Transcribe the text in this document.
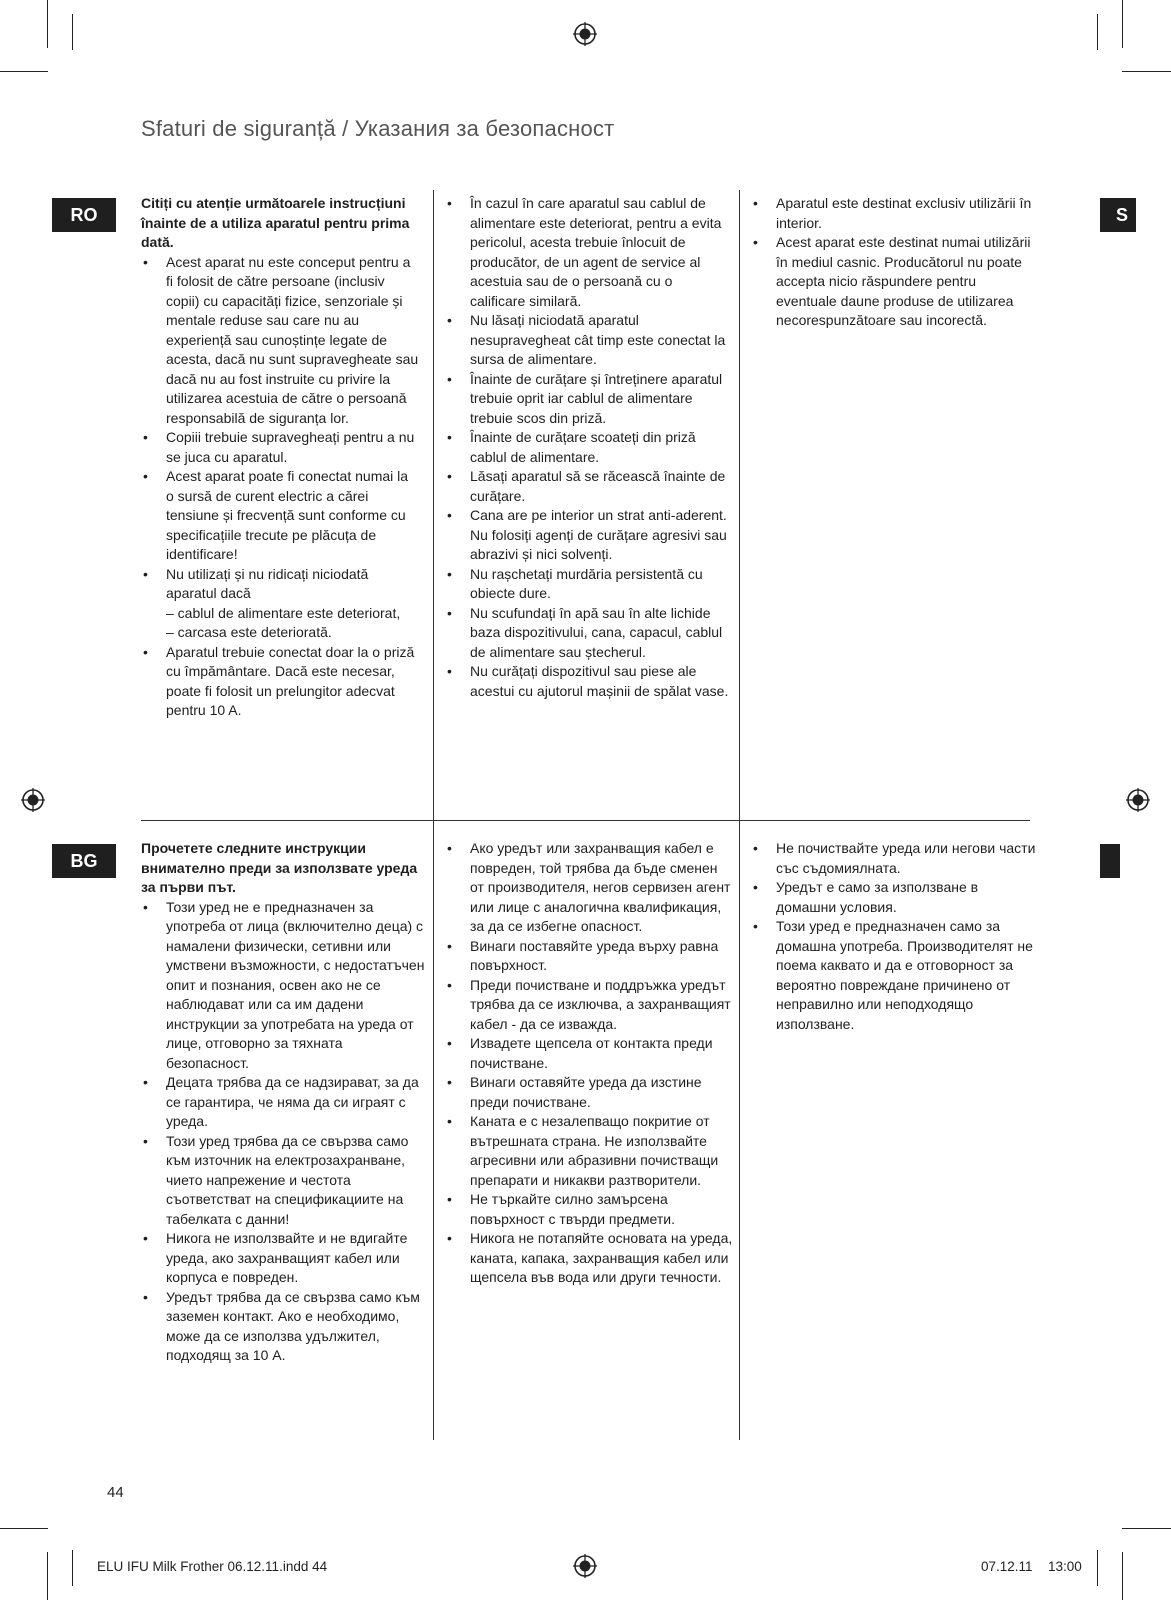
Sfaturi de siguranță / Указания за безопасност
RO	S
BG

Citiți cu atenție următoarele instrucțiuni înainte de a utiliza aparatul pentru prima dată.

• Acest aparat nu este conceput pentru a fi folosit de către persoane (inclusiv copii) cu capacități fizice, senzoriale și mentale reduse sau care nu au experiență sau cunoștințe legate de acesta, dacă nu sunt supravegheate sau dacă nu au fost instruite cu privire la utilizarea acestuia de către o persoană responsabilă de siguranța lor.
• Copiii trebuie supravegheați pentru a nu se juca cu aparatul.
• Acest aparat poate fi conectat numai la o sursă de curent electric a cărei tensiune și frecvență sunt conforme cu specificațiile trecute pe plăcuța de identificare!
• Nu utilizați și nu ridicați niciodată aparatul dacă
– cablul de alimentare este deteriorat,
– carcasa este deteriorată.
• Aparatul trebuie conectat doar la o priză cu împământare. Dacă este necesar, poate fi folosit un prelungitor adecvat pentru 10 A.
• În cazul în care aparatul sau cablul de alimentare este deteriorat, pentru a evita pericolul, acesta trebuie înlocuit de producător, de un agent de service al acestuia sau de o persoană cu o calificare similară.
• Nu lăsați niciodată aparatul nesupravegheat cât timp este conectat la sursa de alimentare.
• Înainte de curățare și întreținere aparatul trebuie oprit iar cablul de alimentare trebuie scos din priză.
• Înainte de curățare scoateți din priză cablul de alimentare.
• Lăsați aparatul să se răcească înainte de curățare.
• Cana are pe interior un strat anti-aderent. Nu folosiți agenți de curățare agresivi sau abrazivi și nici solvenți.
• Nu rașchetați murdăria persistentă cu obiecte dure.
• Nu scufundați în apă sau în alte lichide baza dispozitivului, cana, capacul, cablul de alimentare sau ștecherul.
• Nu curățați dispozitivul sau piese ale acestui cu ajutorul mașinii de spălat vase.
• Aparatul este destinat exclusiv utilizării în interior.
• Acest aparat este destinat numai utilizării în mediul casnic. Producătorul nu poate accepta nicio răspundere pentru eventuale daune produse de utilizarea necorespunzătoare sau incorectă.

Прочетете следните инструкции внимателно преди за използвате уреда за първи път.

• Този уред не е предназначен за употреба от лица (включително деца) с намалени физически, сетивни или умствени възможности, с недостатъчен опит и познания, освен ако не се наблюдават или са им дадени инструкции за употребата на уреда от лице, отговорно за тяхната безопасност.
• Децата трябва да се надзирават, за да се гарантира, че няма да си играят с уреда.
• Този уред трябва да се свързва само към източник на електрозахранване, чието напрежение и честота съответстват на спецификациите на табелката с данни!
• Никога не използвайте и не вдигайте уреда, ако захранващият кабел или корпуса е повреден.
• Уредът трябва да се свързва само към заземен контакт. Ако е необходимо, може да се използва удължител, подходящ за 10 A.
• Ако уредът или захранващия кабел е повреден, той трябва да бъде сменен от производителя, негов сервизен агент или лице с аналогична квалификация, за да се избегне опасност.
• Винаги поставяйте уреда върху равна повърхност.
• Преди почистване и поддръжка уредът трябва да се изключва, а захранващият кабел - да се изважда.
• Извадете щепсела от контакта преди почистване.
• Винаги оставяйте уреда да изстине преди почистване.
• Каната е с незалепващо покритие от вътрешната страна. Не използвайте агресивни или абразивни почистващи препарати и никакви разтворители.
• Не търкайте силно замърсена повърхност с твърди предмети.
• Никога не потапяйте основата на уреда, каната, капака, захранващия кабел или щепсела във вода или други течности.
• Не почиствайте уреда или негови части със съдомиялната.
• Уредът е само за използване в домашни условия.
• Този уред е предназначен само за домашна употреба. Производителят не поема каквато и да е отговорност за вероятно повреждане причинено от неправилно или неподходящо използване.
44
ELU IFU Milk Frother 06.12.11.indd 44	07.12.11 13:00
